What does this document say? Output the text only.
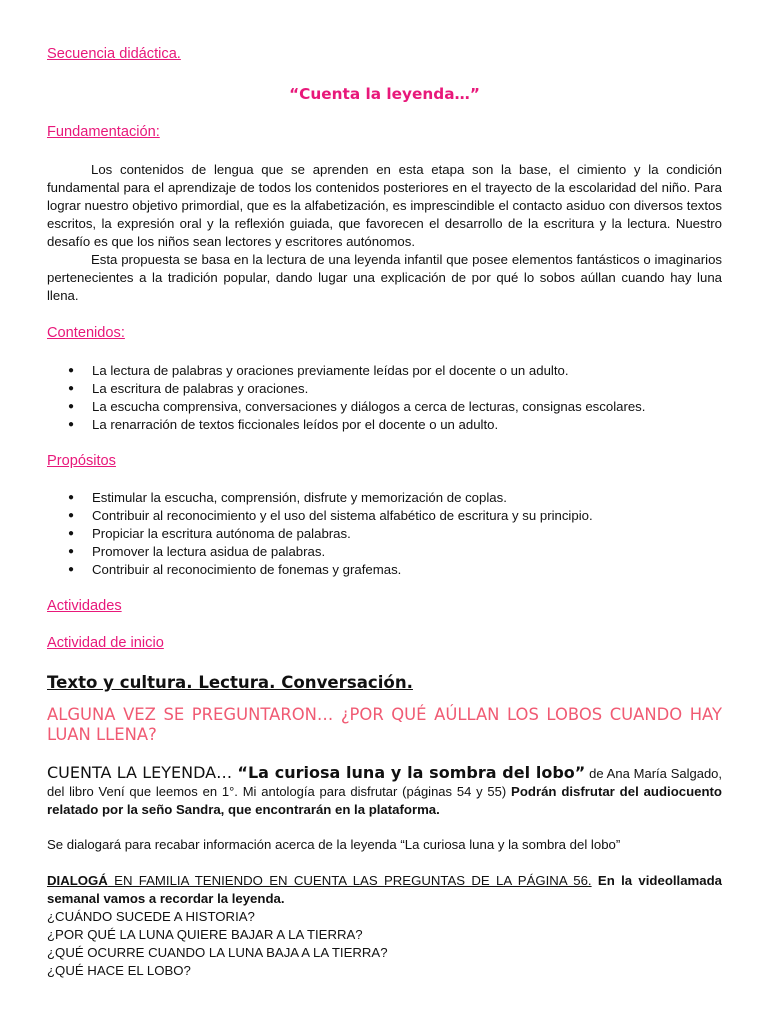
Secuencia didáctica.

“Cuenta la leyenda…”

Fundamentación:

Los contenidos de lengua que se aprenden en esta etapa son la base, el cimiento y la condición fundamental para el aprendizaje de todos los contenidos posteriores en el trayecto de la escolaridad del niño. Para lograr nuestro objetivo primordial, que es la alfabetización, es imprescindible el contacto asiduo con diversos textos escritos, la expresión oral y la reflexión guiada, que favorecen el desarrollo de la escritura y la lectura. Nuestro desafío es que los niños sean lectores y escritores autónomos.

Esta propuesta se basa en la lectura de una leyenda infantil que posee elementos fantásticos o imaginarios pertenecientes a la tradición popular, dando lugar una explicación de por qué lo sobos aúllan cuando hay luna llena.

Contenidos:

● La lectura de palabras y oraciones previamente leídas por el docente o un adulto.
● La escritura de palabras y oraciones.
● La escucha comprensiva, conversaciones y diálogos a cerca de lecturas, consignas escolares.
● La renarración de textos ficcionales leídos por el docente o un adulto.

Propósitos

● Estimular la escucha, comprensión, disfrute y memorización de coplas.
● Contribuir al reconocimiento y el uso del sistema alfabético de escritura y su principio.
● Propiciar la escritura autónoma de palabras.
● Promover la lectura asidua de palabras.
● Contribuir al reconocimiento de fonemas y grafemas.

Actividades

Actividad de inicio

Texto y cultura. Lectura. Conversación.

ALGUNA VEZ SE PREGUNTARON… ¿POR QUÉ AÚLLAN LOS LOBOS CUANDO HAY LUAN LLENA?

CUENTA LA LEYENDA… “La curiosa luna y la sombra del lobo” de Ana María Salgado, del libro Vení que leemos en 1°. Mi antología para disfrutar (páginas 54 y 55) Podrán disfrutar del audiocuento relatado por la seño Sandra, que encontrarán en la plataforma.

Se dialogará para recabar información acerca de la leyenda “La curiosa luna y la sombra del lobo”

DIALOGÁ EN FAMILIA TENIENDO EN CUENTA LAS PREGUNTAS DE LA PÁGINA 56. En la videollamada semanal vamos a recordar la leyenda.

¿CUÁNDO SUCEDE A HISTORIA?

¿POR QUÉ LA LUNA QUIERE BAJAR A LA TIERRA?

¿QUÉ OCURRE CUANDO LA LUNA BAJA A LA TIERRA?

¿QUÉ HACE EL LOBO?
